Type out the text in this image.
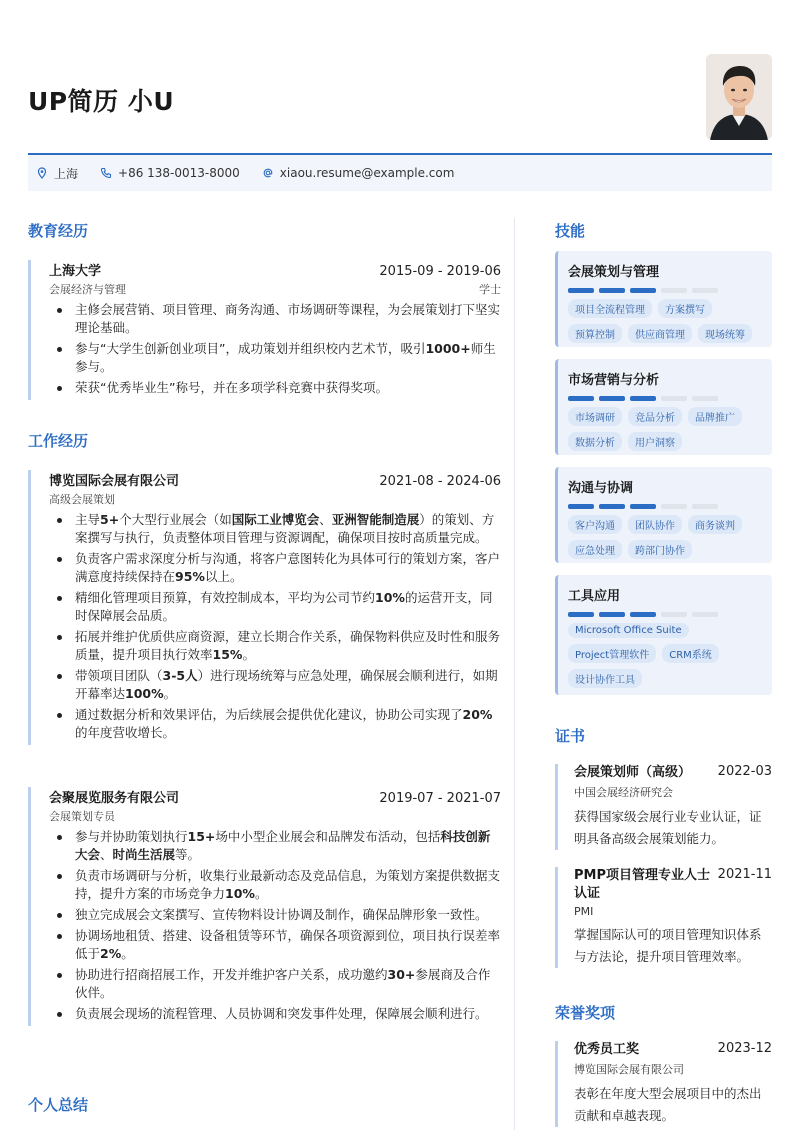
UP简历 小U
上海	+86 138-0013-8000	xiaou.resume@example.com
教育经历
上海大学	2015-09 - 2019-06
会展经济与管理	学士
主修会展营销、项目管理、商务沟通、市场调研等课程，为会展策划打下坚实理论基础。
参与“大学生创新创业项目”，成功策划并组织校内艺术节，吸引1000+师生参与。
荣获“优秀毕业生”称号，并在多项学科竞赛中获得奖项。
工作经历
博览国际会展有限公司	2021-08 - 2024-06
高级会展策划
主导5+个大型行业展会（如国际工业博览会、亚洲智能制造展）的策划、方案撰写与执行，负责整体项目管理与资源调配，确保项目按时高质量完成。
负责客户需求深度分析与沟通，将客户意图转化为具体可行的策划方案，客户满意度持续保持在95%以上。
精细化管理项目预算，有效控制成本，平均为公司节约10%的运营开支，同时保障展会品质。
拓展并维护优质供应商资源，建立长期合作关系，确保物料供应及时性和服务质量，提升项目执行效率15%。
带领项目团队（3-5人）进行现场统筹与应急处理，确保展会顺利进行，如期开幕率达100%。
通过数据分析和效果评估，为后续展会提供优化建议，协助公司实现了20%的年度营收增长。
会聚展览服务有限公司	2019-07 - 2021-07
会展策划专员
参与并协助策划执行15+场中小型企业展会和品牌发布活动，包括科技创新大会、时尚生活展等。
负责市场调研与分析，收集行业最新动态及竞品信息，为策划方案提供数据支持，提升方案的市场竞争力10%。
独立完成展会文案撰写、宣传物料设计协调及制作，确保品牌形象一致性。
协调场地租赁、搭建、设备租赁等环节，确保各项资源到位，项目执行误差率低于2%。
协助进行招商招展工作，开发并维护客户关系，成功邀约30+参展商及合作伙伴。
负责展会现场的流程管理、人员协调和突发事件处理，保障展会顺利进行。
个人总结
技能
会展策划与管理
项目全流程管理	方案撰写
预算控制	供应商管理	现场统筹
市场营销与分析
市场调研	竞品分析	品牌推广
数据分析	用户洞察
沟通与协调
客户沟通	团队协作	商务谈判
应急处理	跨部门协作
工具应用
Microsoft Office Suite
Project管理软件	CRM系统
设计协作工具
证书
会展策划师（高级） 2022-03
中国会展经济研究会
获得国家级会展行业专业认证，证明具备高级会展策划能力。
PMP项目管理专业人士认证
2021-11
PMI
掌握国际认可的项目管理知识体系与方法论，提升项目管理效率。
荣誉奖项
优秀员工奖	2023-12
博览国际会展有限公司
表彰在年度大型会展项目中的杰出贡献和卓越表现。
